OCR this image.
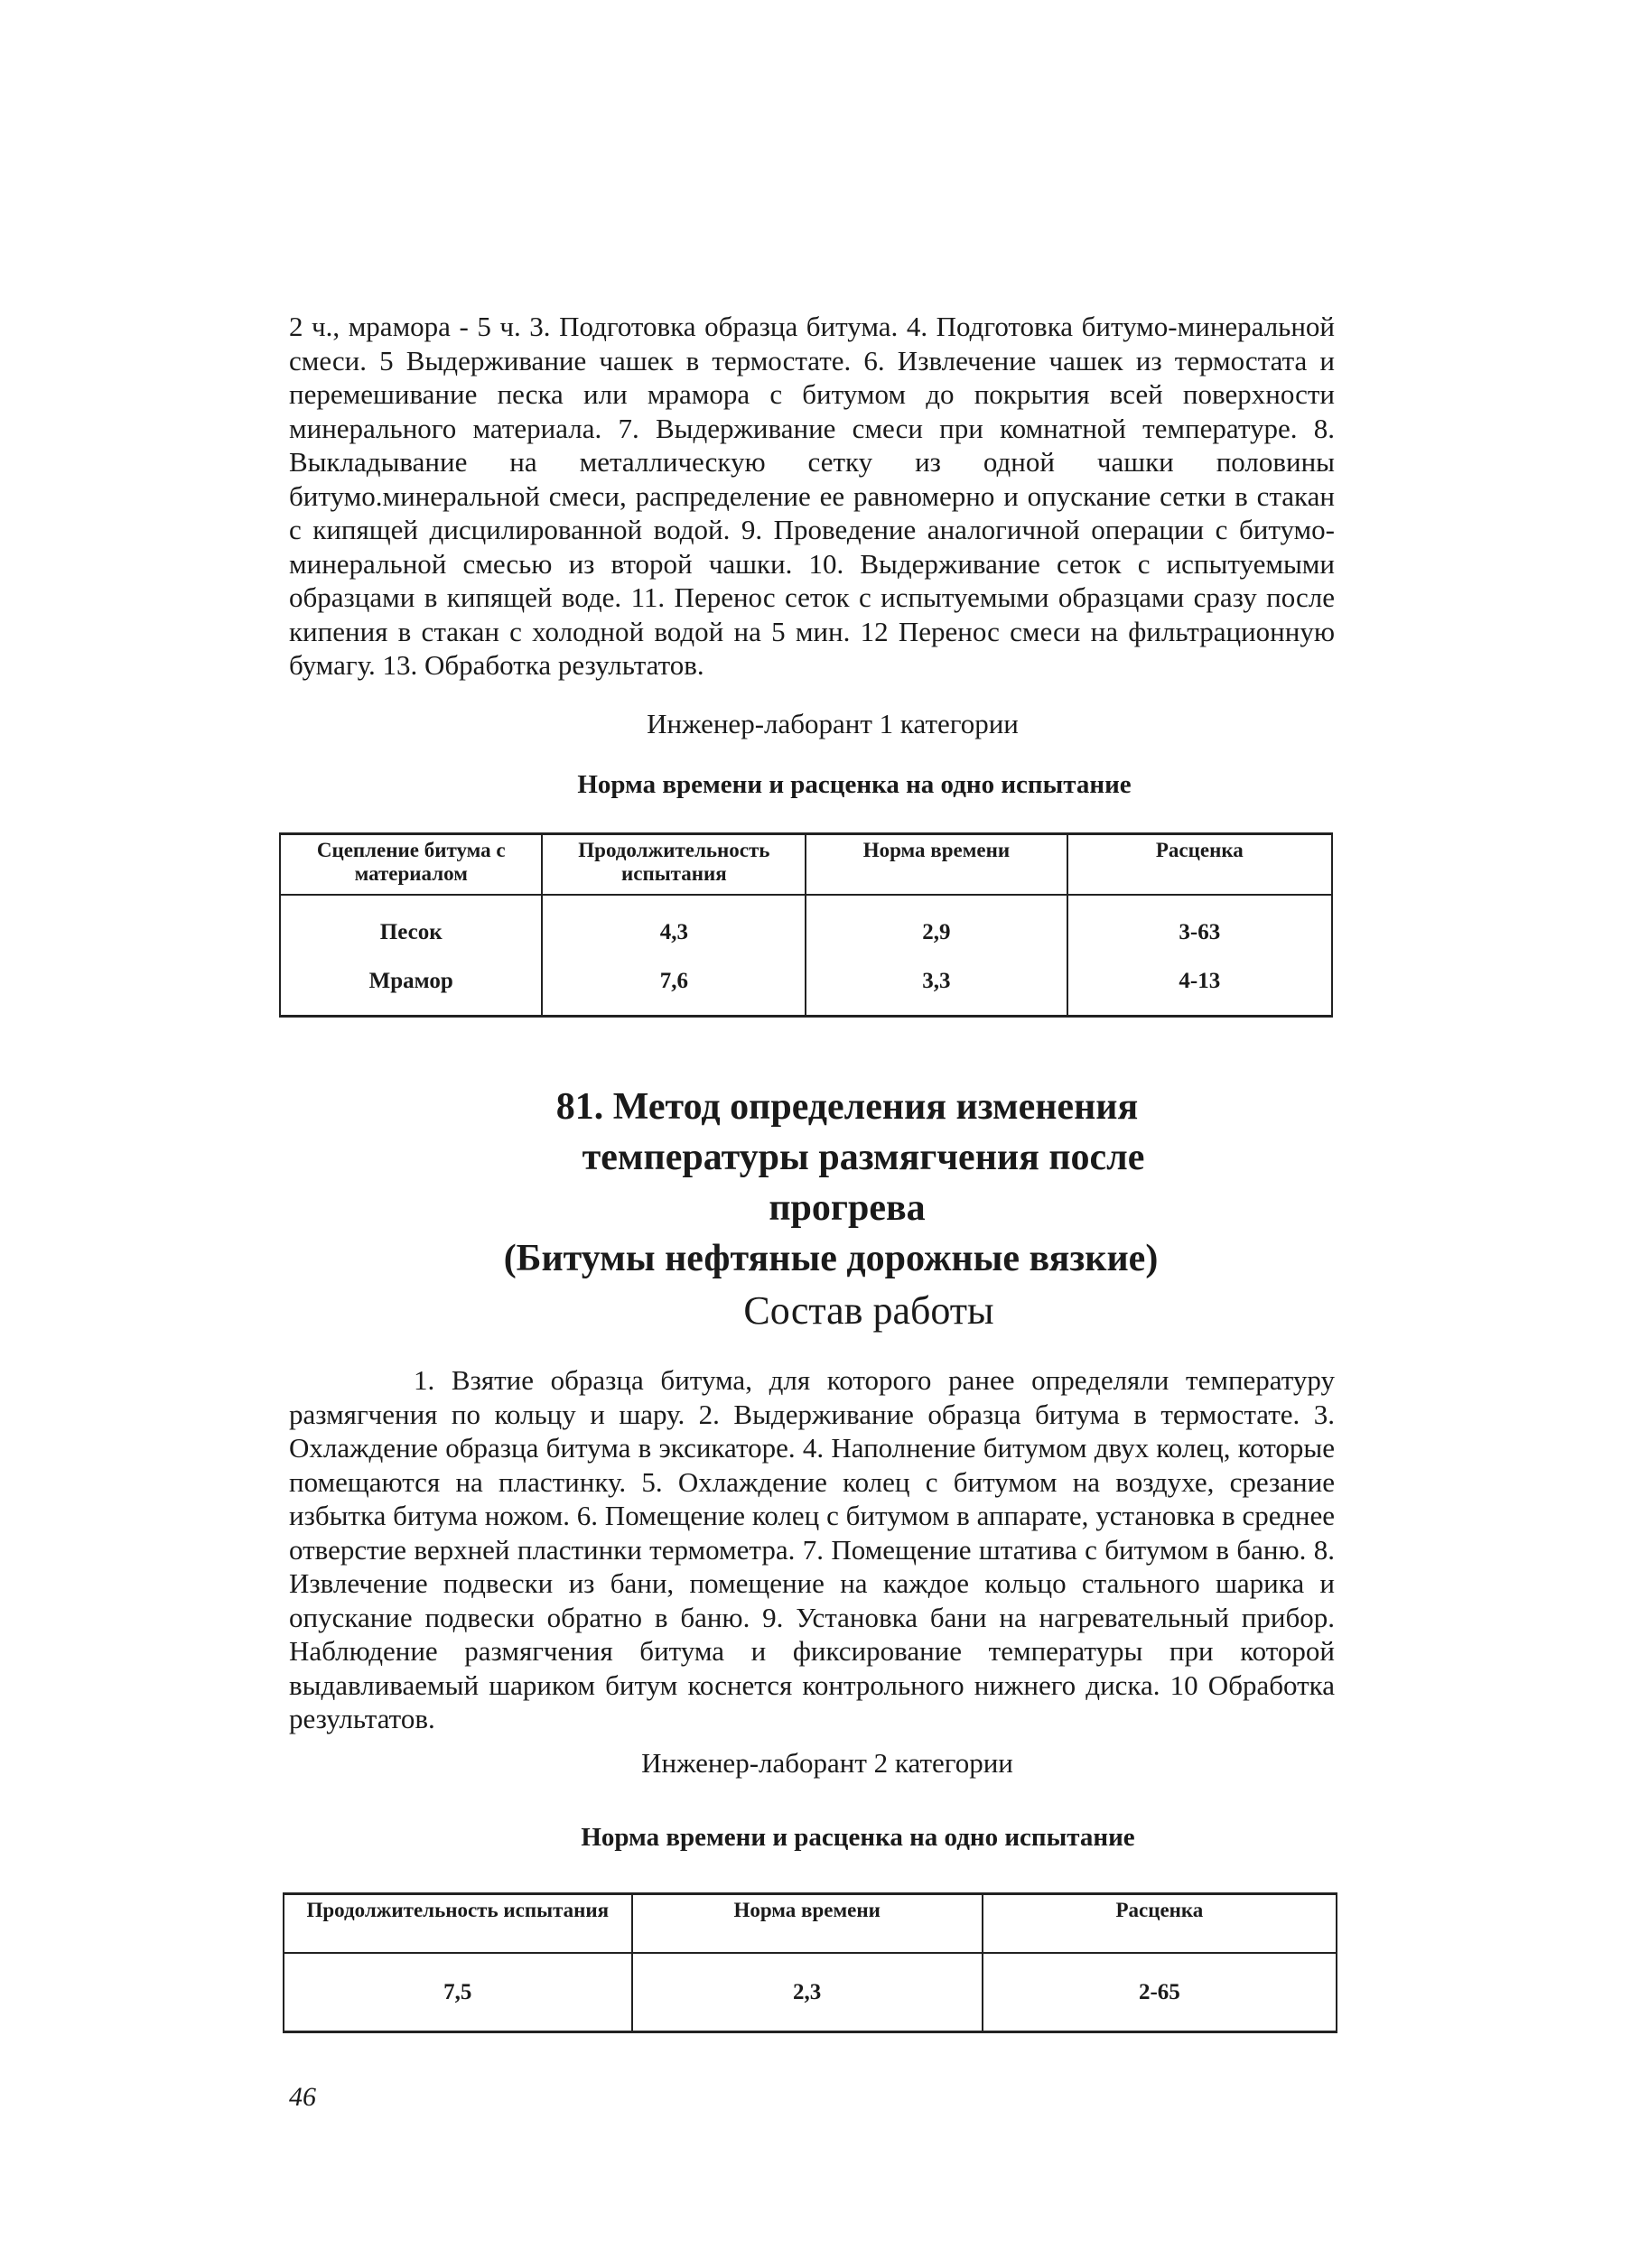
2 ч., мрамора - 5 ч. 3. Подготовка образца битума. 4. Подготовка битумо-минеральной смеси. 5 Выдерживание чашек в термостате. 6. Извлечение чашек из термостата и перемешивание песка или мрамора с битумом до покрытия всей поверхности минерального материала. 7. Выдерживание смеси при комнатной температуре. 8. Выкладывание на металлическую сетку из одной чашки половины битумо.минеральной смеси, распределение ее равномерно и опускание сетки в стакан с кипящей дисцилированной водой. 9. Проведение аналогичной операции с битумо-минеральной смесью из второй чашки. 10. Выдерживание сеток с испытуемыми образцами в кипящей воде. 11. Перенос сеток с испытуемыми образцами сразу после кипения в стакан с холодной водой на 5 мин. 12 Перенос смеси на фильтрационную бумагу. 13. Обработка результатов.

Инженер-лаборант 1 категории

Норма времени и расценка на одно испытание

Сцепление битума с материалом	Продолжительность испытания	Норма времени	Расценка
Песок	4,3	2,9	3-63
Мрамор	7,6	3,3	4-13
81. Метод определения изменения
температуры размягчения после
прогрева
(Битумы нефтяные дорожные вязкие)

Состав работы

1. Взятие образца битума, для которого ранее определяли температуру размягчения по кольцу и шару. 2. Выдерживание образца битума в термостате. 3. Охлаждение образца битума в эксикаторе. 4. Наполнение битумом двух колец, которые помещаются на пластинку. 5. Охлаждение колец с битумом на воздухе, срезание избытка битума ножом. 6. Помещение колец с битумом в аппарате, установка в среднее отверстие верхней пластинки термометра. 7. Помещение штатива с битумом в баню. 8. Извлечение подвески из бани, помещение на каждое кольцо стального шарика и опускание подвески обратно в баню. 9. Установка бани на нагревательный прибор. Наблюдение размягчения битума и фиксирование температуры при которой выдавливаемый шариком битум коснется контрольного нижнего диска. 10 Обработка результатов.

Инженер-лаборант 2 категории

Норма времени и расценка на одно испытание

Продолжительность испытания	Норма времени	Расценка
7,5	2,3	2-65
46
